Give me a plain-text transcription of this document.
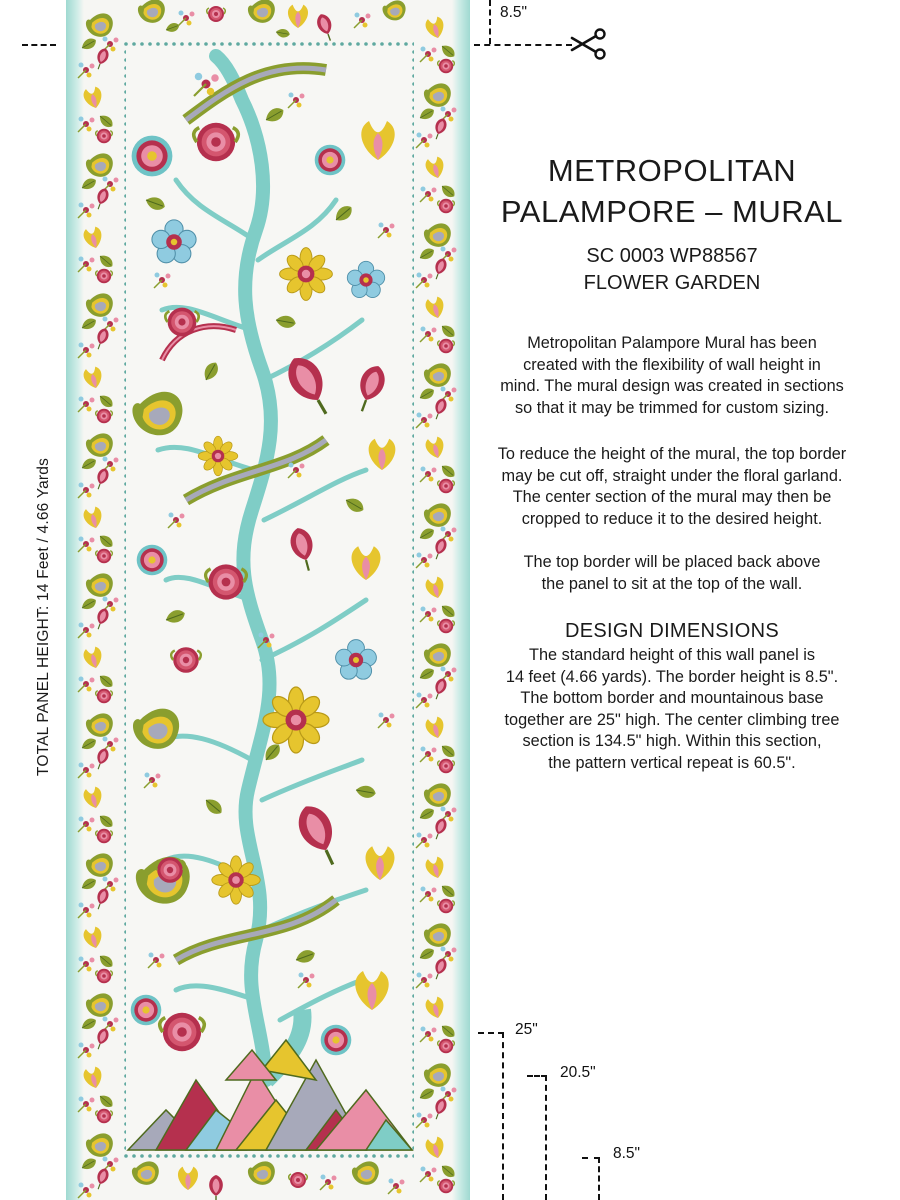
TOTAL PANEL HEIGHT: 14 Feet / 4.66 Yards
8.5"
25"
20.5"
8.5"
METROPOLITAN
PALAMPORE – MURAL
SC 0003 WP88567
FLOWER GARDEN
Metropolitan Palampore Mural has been
created with the flexibility of wall height in
mind. The mural design was created in sections
so that it may be trimmed for custom sizing.
To reduce the height of the mural, the top border
may be cut off, straight under the floral garland.
The center section of the mural may then be
cropped to reduce it to the desired height.
The top border will be placed back above
the panel to sit at the top of the wall.
DESIGN DIMENSIONS
The standard height of this wall panel is
14 feet (4.66 yards). The border height is 8.5".
The bottom border and mountainous base
together are 25" high. The center climbing tree
section is 134.5" high. Within this section,
the pattern vertical repeat is 60.5".
